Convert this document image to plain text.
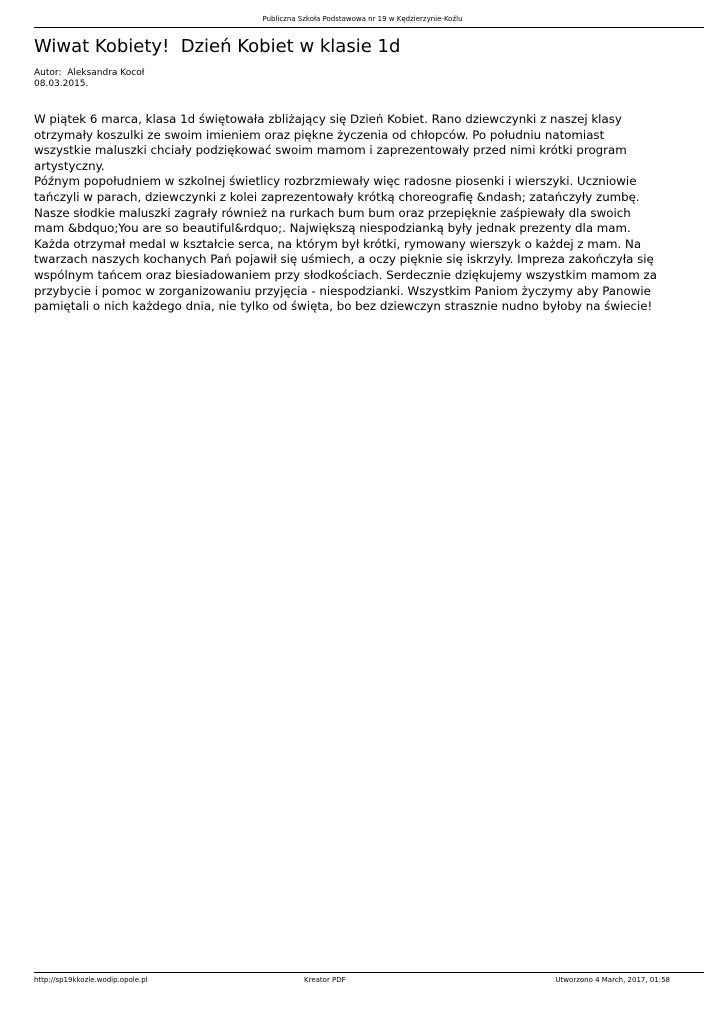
Publiczna Szkoła Podstawowa nr 19 w Kędzierzynie-Koźlu
Wiwat Kobiety!  Dzień Kobiet w klasie 1d
Autor:  Aleksandra Kocoł
08.03.2015.

W piątek 6 marca, klasa 1d świętowała zbliżający się Dzień Kobiet. Rano dziewczynki z naszej klasy
otrzymały koszulki ze swoim imieniem oraz piękne życzenia od chłopców. Po południu natomiast
wszystkie maluszki chciały podziękować swoim mamom i zaprezentowały przed nimi krótki program
artystyczny.
Późnym popołudniem w szkolnej świetlicy rozbrzmiewały więc radosne piosenki i wierszyki. Uczniowie
tańczyli w parach, dziewczynki z kolei zaprezentowały krótką choreografię &ndash; zatańczyły zumbę.
Nasze słodkie maluszki zagrały również na rurkach bum bum oraz przepięknie zaśpiewały dla swoich
mam &bdquo;You are so beautiful&rdquo;. Największą niespodzianką były jednak prezenty dla mam.
Każda otrzymał medal w kształcie serca, na którym był krótki, rymowany wierszyk o każdej z mam. Na
twarzach naszych kochanych Pań pojawił się uśmiech, a oczy pięknie się iskrzyły. Impreza zakończyła się
wspólnym tańcem oraz biesiadowaniem przy słodkościach. Serdecznie dziękujemy wszystkim mamom za
przybycie i pomoc w zorganizowaniu przyjęcia - niespodzianki. Wszystkim Paniom życzymy aby Panowie
pamiętali o nich każdego dnia, nie tylko od święta, bo bez dziewczyn strasznie nudno byłoby na świecie!

http://sp19kkozle.wodip.opole.pl	Kreator PDF	Utworzono 4 March, 2017, 01:58
